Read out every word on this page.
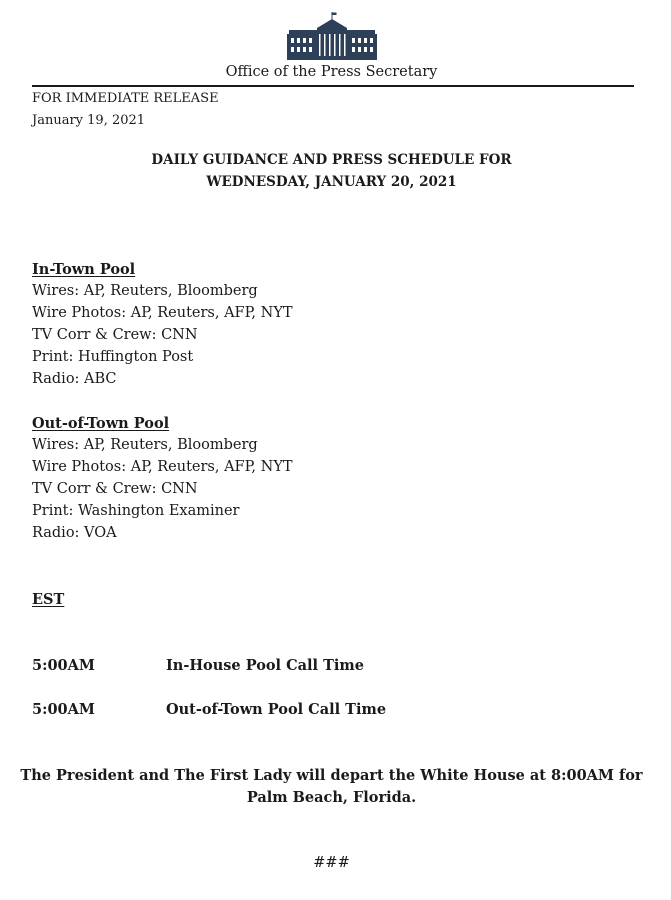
Office of the Press Secretary
FOR IMMEDIATE RELEASE
January 19, 2021
DAILY GUIDANCE AND PRESS SCHEDULE FOR
WEDNESDAY, JANUARY 20, 2021
In-Town Pool
Wires: AP, Reuters, Bloomberg
Wire Photos: AP, Reuters, AFP, NYT
TV Corr & Crew: CNN
Print: Huffington Post
Radio: ABC
Out-of-Town Pool
Wires: AP, Reuters, Bloomberg
Wire Photos: AP, Reuters, AFP, NYT
TV Corr & Crew: CNN
Print: Washington Examiner
Radio: VOA
EST
5:00AM	In-House Pool Call Time
5:00AM	Out-of-Town Pool Call Time
The President and The First Lady will depart the White House at 8:00AM for
Palm Beach, Florida.
###
